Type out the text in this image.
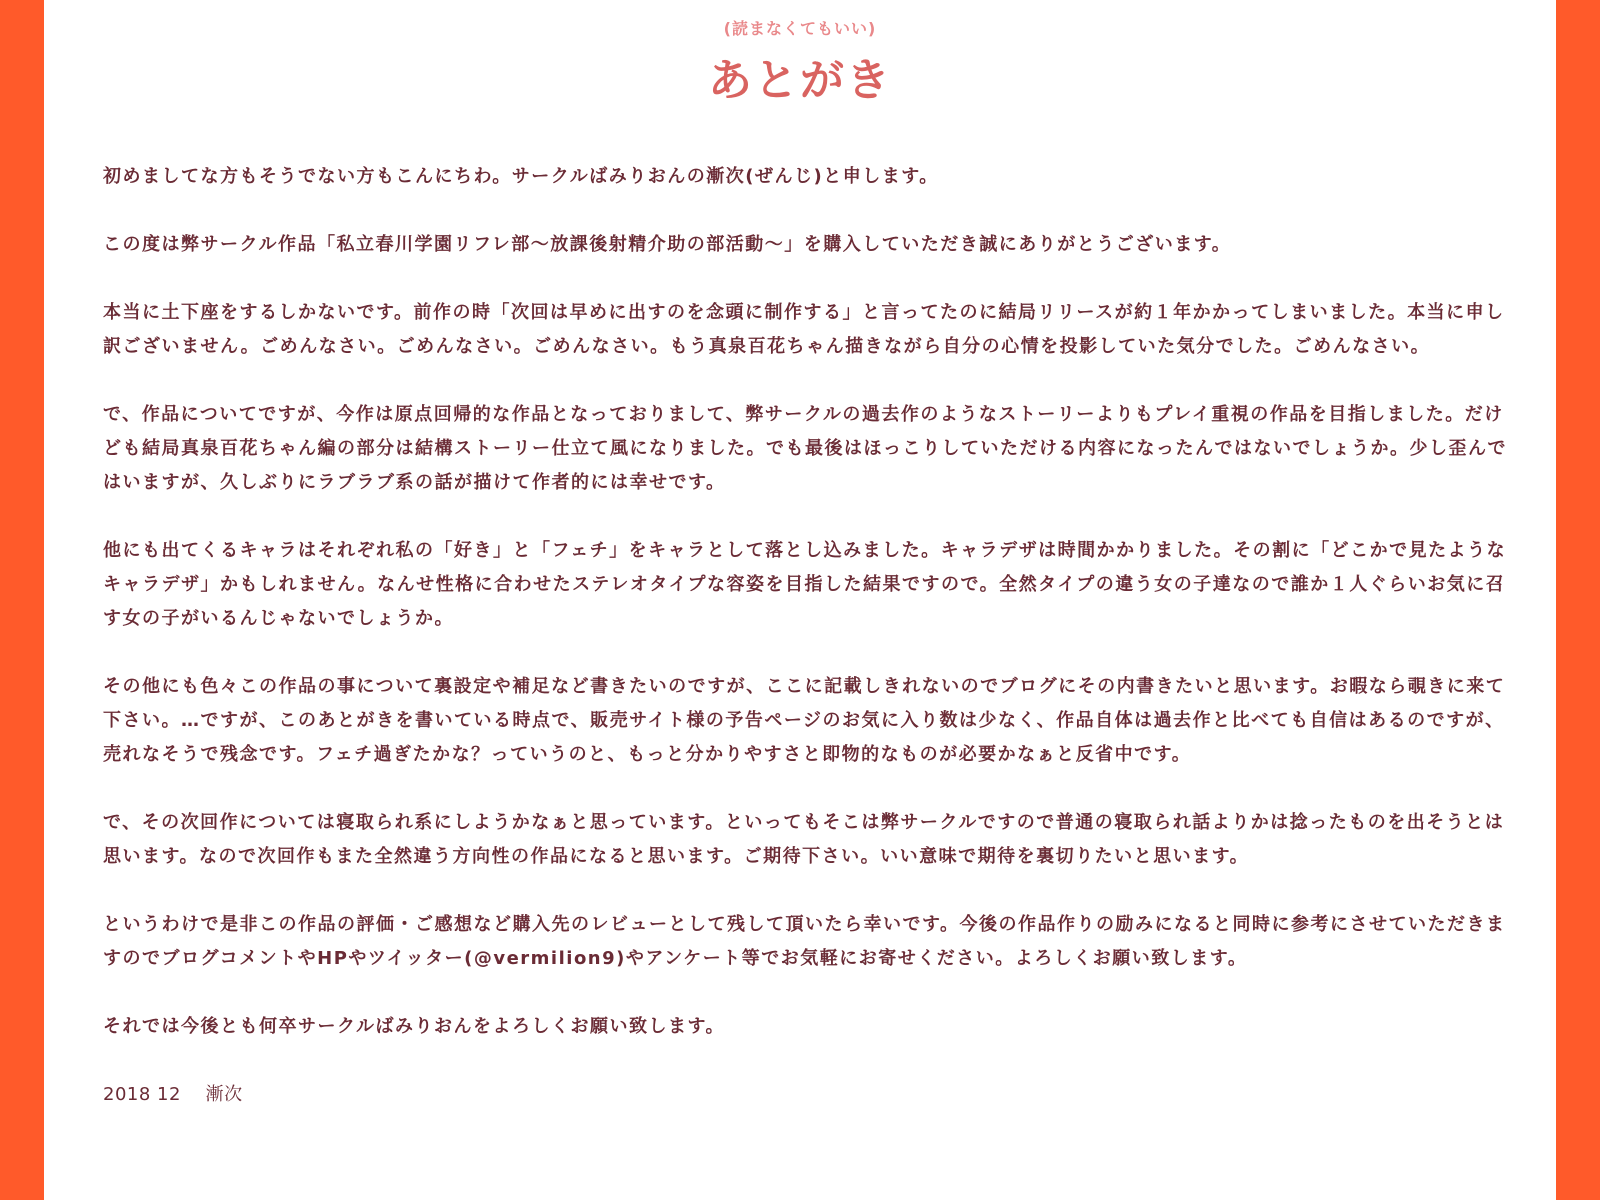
(読まなくてもいい)
あとがき

初めましてな方もそうでない方もこんにちわ。サークルばみりおんの漸次(ぜんじ)と申します。

この度は弊サークル作品「私立春川学園リフレ部〜放課後射精介助の部活動〜」を購入していただき誠にありがとうございます。

本当に土下座をするしかないです。前作の時「次回は早めに出すのを念頭に制作する」と言ってたのに結局リリースが約１年かかってしまいました。本当に申し訳ございません。ごめんなさい。ごめんなさい。ごめんなさい。もう真泉百花ちゃん描きながら自分の心情を投影していた気分でした。ごめんなさい。

で、作品についてですが、今作は原点回帰的な作品となっておりまして、弊サークルの過去作のようなストーリーよりもプレイ重視の作品を目指しました。だけども結局真泉百花ちゃん編の部分は結構ストーリー仕立て風になりました。でも最後はほっこりしていただける内容になったんではないでしょうか。少し歪んではいますが、久しぶりにラブラブ系の話が描けて作者的には幸せです。

他にも出てくるキャラはそれぞれ私の「好き」と「フェチ」をキャラとして落とし込みました。キャラデザは時間かかりました。その割に「どこかで見たようなキャラデザ」かもしれません。なんせ性格に合わせたステレオタイプな容姿を目指した結果ですので。全然タイプの違う女の子達なので誰か１人ぐらいお気に召す女の子がいるんじゃないでしょうか。

その他にも色々この作品の事について裏設定や補足など書きたいのですが、ここに記載しきれないのでブログにその内書きたいと思います。お暇なら覗きに来て下さい。…ですが、このあとがきを書いている時点で、販売サイト様の予告ページのお気に入り数は少なく、作品自体は過去作と比べても自信はあるのですが、売れなそうで残念です。フェチ過ぎたかな？っていうのと、もっと分かりやすさと即物的なものが必要かなぁと反省中です。

で、その次回作については寝取られ系にしようかなぁと思っています。といってもそこは弊サークルですので普通の寝取られ話よりかは捻ったものを出そうとは思います。なので次回作もまた全然違う方向性の作品になると思います。ご期待下さい。いい意味で期待を裏切りたいと思います。

というわけで是非この作品の評価・ご感想など購入先のレビューとして残して頂いたら幸いです。今後の作品作りの励みになると同時に参考にさせていただきますのでブログコメントやHPやツイッター(@vermilion9)やアンケート等でお気軽にお寄せください。よろしくお願い致します。

それでは今後とも何卒サークルばみりおんをよろしくお願い致します。

2018 12　 漸次
